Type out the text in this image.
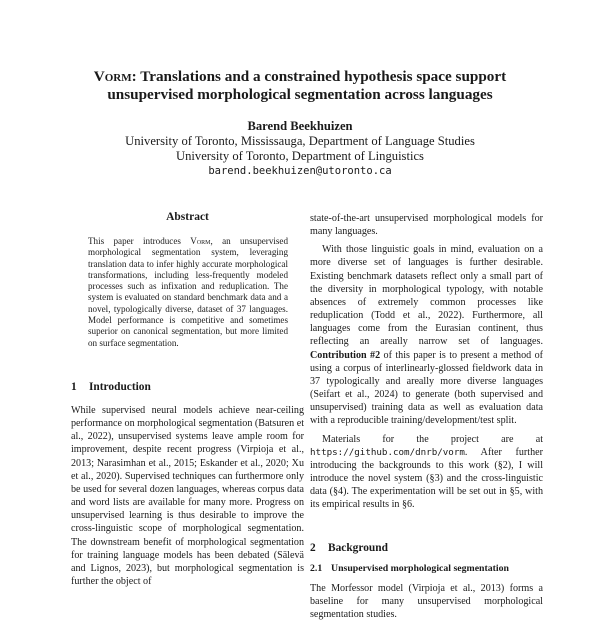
Vorm: Translations and a constrained hypothesis space support
unsupervised morphological segmentation across languages
Barend Beekhuizen
University of Toronto, Mississauga, Department of Language Studies
University of Toronto, Department of Linguistics
barend.beekhuizen@utoronto.ca
Abstract
This paper introduces Vorm, an unsupervised morphological segmentation system, leveraging translation data to infer highly accurate morphological transformations, including less-frequently modeled processes such as infixation and reduplication. The system is evaluated on standard benchmark data and a novel, typologically diverse, dataset of 37 languages. Model performance is competitive and sometimes superior on canonical segmentation, but more limited on surface segmentation.
1 Introduction

While supervised neural models achieve near-ceiling performance on morphological segmentation (Batsuren et al., 2022), unsupervised systems leave ample room for improvement, despite recent progress (Virpioja et al., 2013; Narasimhan et al., 2015; Eskander et al., 2020; Xu et al., 2020). Supervised techniques can furthermore only be used for several dozen languages, whereas corpus data and word lists are available for many more. Progress on unsupervised learning is thus desirable to improve the cross-linguistic scope of morphological segmentation. The downstream benefit of morphological segmentation for training language models has been debated (Sälevä and Lignos, 2023), but morphological segmentation is further the object of

state-of-the-art unsupervised morphological models for many languages.

With those linguistic goals in mind, evaluation on a more diverse set of languages is further desirable. Existing benchmark datasets reflect only a small part of the diversity in morphological typology, with notable absences of extremely common processes like reduplication (Todd et al., 2022). Furthermore, all languages come from the Eurasian continent, thus reflecting an areally narrow set of languages. Contribution #2 of this paper is to present a method of using a corpus of interlinearly-glossed fieldwork data in 37 typologically and areally more diverse languages (Seifart et al., 2024) to generate (both supervised and unsupervised) training data as well as evaluation data with a reproducible training/development/test split.

Materials for the project are at https://github.com/dnrb/vorm. After further introducing the backgrounds to this work (§2), I will introduce the novel system (§3) and the cross-linguistic data (§4). The experimentation will be set out in §5, with its empirical results in §6.

2 Background
2.1 Unsupervised morphological segmentation

The Morfessor model (Virpioja et al., 2013) forms a baseline for many unsupervised morphological segmentation studies.
